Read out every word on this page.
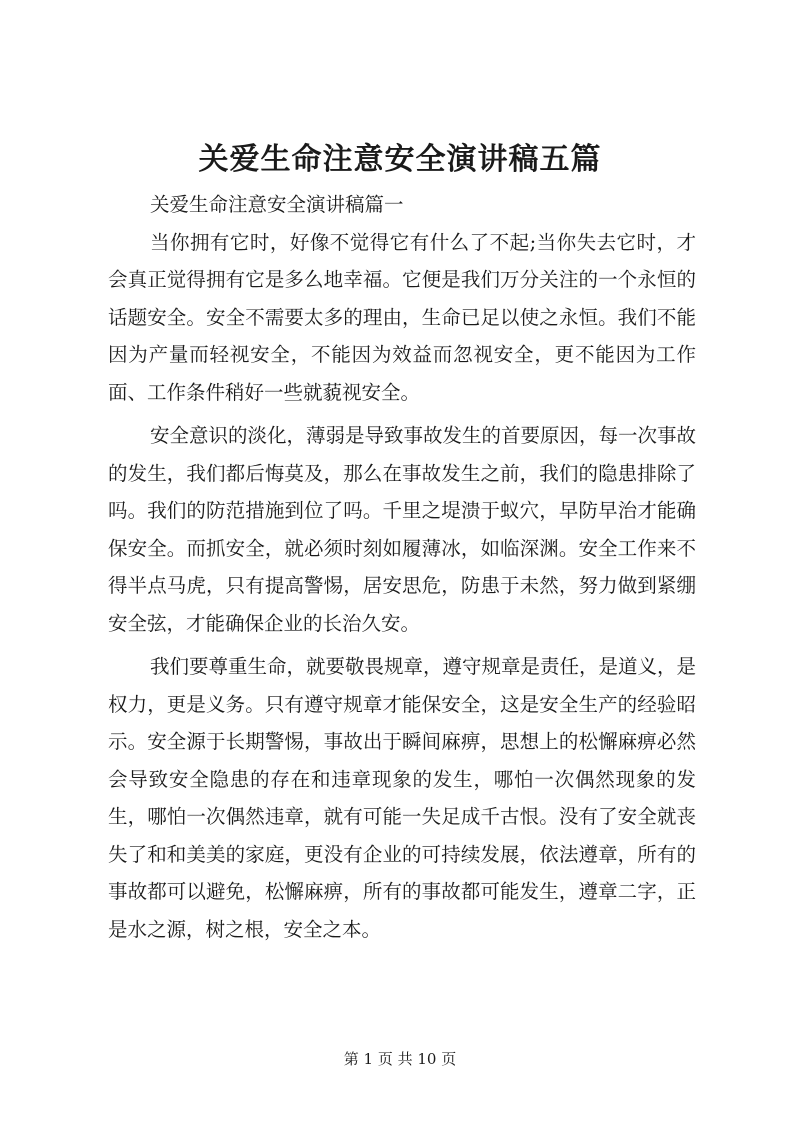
关爱生命注意安全演讲稿五篇

关爱生命注意安全演讲稿篇一

当你拥有它时，好像不觉得它有什么了不起;当你失去它时，才会真正觉得拥有它是多么地幸福。它便是我们万分关注的一个永恒的话题安全。安全不需要太多的理由，生命已足以使之永恒。我们不能因为产量而轻视安全，不能因为效益而忽视安全，更不能因为工作面、工作条件稍好一些就藐视安全。

安全意识的淡化，薄弱是导致事故发生的首要原因，每一次事故的发生，我们都后悔莫及，那么在事故发生之前，我们的隐患排除了吗。我们的防范措施到位了吗。千里之堤溃于蚁穴，早防早治才能确保安全。而抓安全，就必须时刻如履薄冰，如临深渊。安全工作来不得半点马虎，只有提高警惕，居安思危，防患于未然，努力做到紧绷安全弦，才能确保企业的长治久安。

我们要尊重生命，就要敬畏规章，遵守规章是责任，是道义，是权力，更是义务。只有遵守规章才能保安全，这是安全生产的经验昭示。安全源于长期警惕，事故出于瞬间麻痹，思想上的松懈麻痹必然会导致安全隐患的存在和违章现象的发生，哪怕一次偶然现象的发生，哪怕一次偶然违章，就有可能一失足成千古恨。没有了安全就丧失了和和美美的家庭，更没有企业的可持续发展，依法遵章，所有的事故都可以避免，松懈麻痹，所有的事故都可能发生，遵章二字，正是水之源，树之根，安全之本。

第 1 页 共 10 页
